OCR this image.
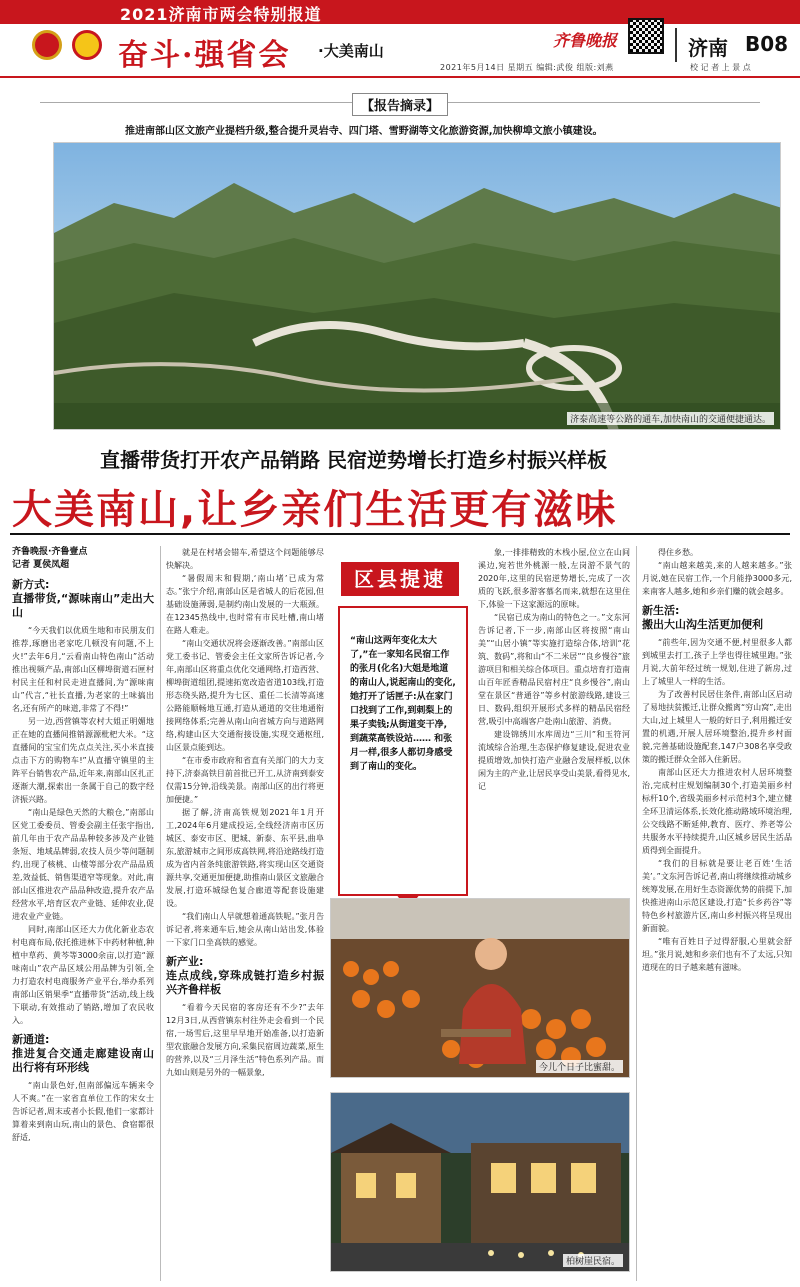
2021济南市两会特别报道
奋斗·强省会 ·大美南山
齐鲁晚报	济南 B08
2021年5月14日 星期五 编辑:武俊 组版:刘燕	校 记 者 上 景 点
【报告摘录】
推进南部山区文旅产业提档升级,整合提升灵岩寺、四门塔、雪野湖等文化旅游资源,加快柳埠文旅小镇建设。
济泰高速等公路的通车,加快南山的交通便捷通达。
直播带货打开农产品销路 民宿逆势增长打造乡村振兴样板
大美南山,让乡亲们生活更有滋味
齐鲁晚报·齐鲁壹点
记者 夏侯凤超
新方式:
直播带货,“源味南山”走出大山

“今天我们以优质生地和市民朋友们推荐,琢磨出老家吃几顿没有问题,不上火!”去年6月,“云看南山特色南山”活动推出视频产品,南部山区柳埠街道石匣村村民主任和村民走进直播间,为“源味南山”代言,“社长直播,为老家的土味搞出名,还有所产的味道,非常了不得!”

另一边,西营镇等农村大姐正明媚地正在她的直播间推销源源枇杷大米。“这直播间的宝宝们先点点关注,买小米直接点击下方的购物车!”从直播守镇里的主阵平台销售农产品,近年来,南部山区扎正逐渐大潮,探索出一条属于自己的数字经济振兴路。

“南山是绿色天然的大粮仓,”南部山区党工委委员、管委会副主任张宇指出,前几年由于农产品品种较多涉及产业链条短、地域品牌弱,农技人员少等问题制约,出现了核桃、山楂等部分农产品品质差,效益低、销售渠道窄等现象。对此,南部山区推进农产品品种改造,提升农产品经营水平,培育区农产业链、延伸农业,促进农业产业链。

同时,南部山区还大力优化新业态农村电商布局,依托推进林下中药材种植,种植中草药、黄芩等3000余亩,以打造“源味南山”农产品区域公用品牌为引领,全力打造农村电商服务产业平台,举办系列南部山区销果季“直播带货”活动,线上线下联动,有效推动了销路,增加了农民收入。

新通道:
推进复合交通走廊建设南山出行将有环形线

“南山景色好,但南部偏远车辆来令人不爽。”在一家省直单位工作的宋女士告诉记者,周末或者小长假,他们一家都计算着来到南山玩,南山的景色、食宿都很舒适,

就是在村堵会错车,希望这个问题能够尽快解决。

“暑假周末和假期,‘南山堵’已成为常态。”张宁介绍,南部山区是省城人的后花园,但基础设施薄弱,是制约南山发展的一大瓶颈。在12345热线中,也时常有市民吐槽,南山堵在路人难走。

“南山交通状况将会逐渐改善。”南部山区党工委书记、管委会主任文家所告诉记者,今年,南部山区将重点优化交通网络,打造西营、柳埠街道组团,提速拓宽改造省道103线,打造形态绕头路,提升为七区、重任二长清等高速公路能顺畅地互通,打造从通道的交往地通衔接网络体系;完善从南山向省城方向与道路网络,构建山区大交通衔接设施,实现交通枢纽,山区景点能到达。

“在市委市政府和省直有关部门的大力支持下,济泰高铁目前首批已开工,从济南到泰安仅需15分钟,沿线美景。南部山区的出行将更加便捷。”

据了解,济南高铁规划2021年1月开工,2024年6月建成投运,全线经济南市区历城区、泰安市区、肥城、新泰、东平县,曲阜东,旅游城市之间形成高铁网,将沿途路线打造成为省内首条纯旅游铁路,将实现山区交通资源共享,交通更加便捷,助推南山景区文旅融合发展,打造环城绿色复合廊道等配套设施建设。

“我们南山人早就想着通高铁呢。”张月告诉记者,将来通车后,她会从南山站出发,体验一下家门口坐高铁的感觉。

新产业:
连点成线,穿珠成链打造乡村振兴齐鲁样板

“看着今天民宿的客房还有不少?”去年12月3日,从西营镇东村往外走会看到一个民宿,一场雪后,这里早早地开始准备,以打造新型农旅融合发展方向,采集民宿周边蔬菜,原生的营养,以及“三月泽生活”特色系列产品。而九如山则是另外的一幅景象,

区县提速
“南山这两年变化太大了,”在一家知名民宿工作的张月(化名)大姐是地道的南山人,说起南山的变化,她打开了话匣子:从在家门口找到了工作,到刺梨上的果子卖钱;从街道变干净,到蔬菜高铁设站…… 和张月一样,很多人都切身感受到了南山的变化。

象,一排排精致的木栈小屋,位立在山间溪边,宛若世外桃源一般,左岗游不景气的2020年,这里的民宿逆势增长,完成了一次质的飞跃,很多游客慕名而来,就想在这里住下,体验一下这家源远的原味。

“民宿已成为南山的特色之一。”文东河告诉记者,下一步,南部山区将按照“南山美”“山居小镇”等实施打造综合体,培训“花筑、数码”,将和山“不二米居”“良乡慢谷”旅游项目和相关综合体项目。重点培育打造南山百年匠香精品民宿村庄“良乡慢谷”,南山堂在景区“普通谷”等乡村旅游线路,建设三日、数码,组织开展形式多样的精品民宿经营,吸引中高端客户赴南山旅游、消费。

建设锦绣川水库周边“三川”和玉符河流域综合治理,生态保护修复建设,促进农业提质增效,加快打造产业融合发展样板,以休闲为主的产业,让居民享受山美景,看得见水,记

今儿个日子比蜜甜。
柏树崖民宿。

得住乡愁。

“南山越来越美,来的人越来越多。”张月说,她在民宿工作,一个月能挣3000多元,来南客人越多,她和乡亲们赚的就会越多。

新生活:
搬出大山沟生活更加便利

“前些年,因为交通不便,村里很多人都到城里去打工,孩子上学也得往城里跑。”张月说,大前年经过统一规划,住进了新房,过上了城里人一样的生活。

为了改善村民居住条件,南部山区启动了易地扶贫搬迁,让群众搬离“穷山窝”,走出大山,过上城里人一般的好日子,利用搬迁安置的机遇,开展人居环境整治,提升乡村面貌,完善基础设施配套,147户308名享受政策的搬迁群众全部入住新居。

南部山区还大力推进农村人居环境整治,完成村庄规划编制30个,打造美丽乡村标杆10个,省级美丽乡村示范村3个,建立健全环卫清运体系,长效化推动路域环境治理,公交线路不断延伸,教育、医疗、养老等公共服务水平持续提升,山区城乡居民生活品质得到全面提升。

“我们的目标就是要让老百姓‘生活美’。”文东河告诉记者,南山将继续推动城乡统筹发展,在用好生态资源优势的前提下,加快推进南山示范区建设,打造“长乡药谷”等特色乡村旅游片区,南山乡村振兴将呈现出新面貌。

“唯有百姓日子过得舒服,心里就会舒坦。”张月说,她和乡亲们也有不了太远,只知道现在的日子越来越有滋味。
